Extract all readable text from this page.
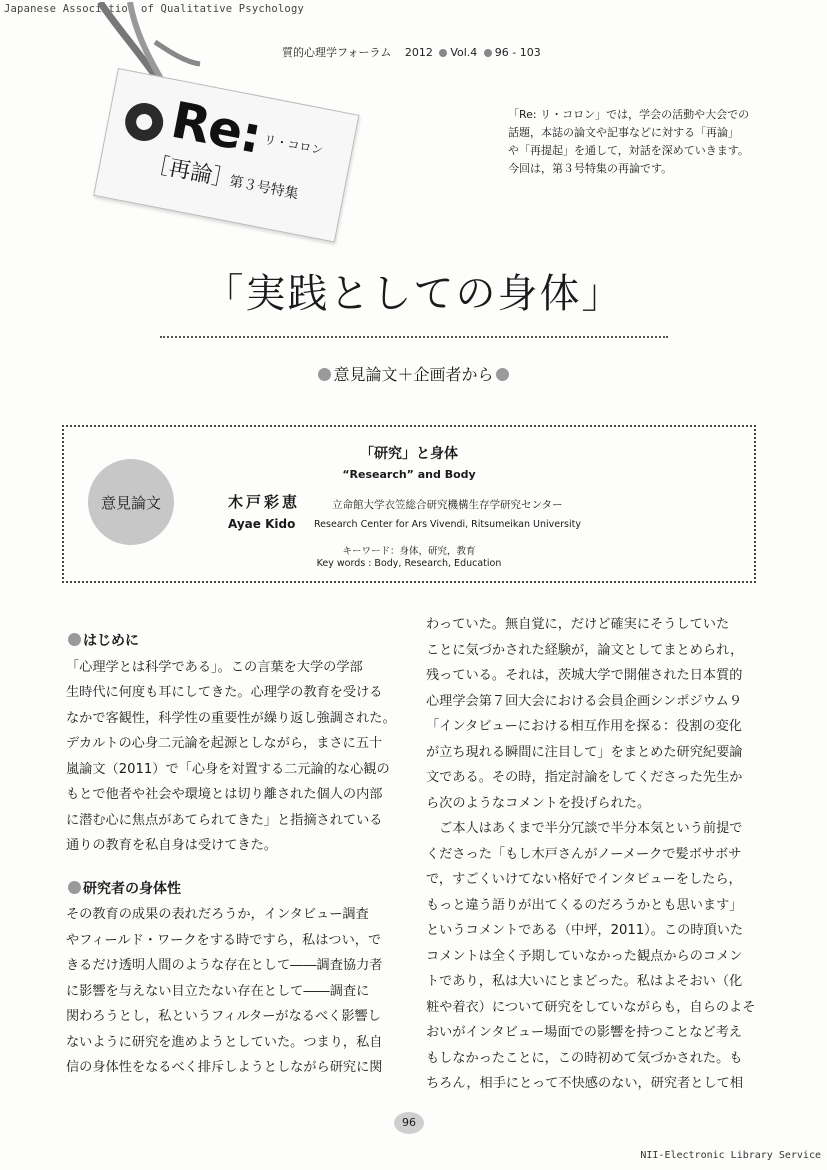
Japanese Association of Qualitative Psychology
質的心理学フォーラム 2012 Vol.4 96 - 103
Re:
リ・コロン
［再論］
第３号特集

「Re: リ・コロン」では，学会の活動や大会での

話題，本誌の論文や記事などに対する「再論」

や「再提起」を通して，対話を深めていきます。

今回は，第３号特集の再論です。

「実践としての身体」
意見論文＋企画者から
意見論文
「研究」と身体
“Research” and Body
木戸彩恵	立命館大学衣笠総合研究機構生存学研究センター
Ayae Kido Research Center for Ars Vivendi, Ritsumeikan University
キーワード：身体，研究，教育
Key words : Body, Research, Education
はじめに

「心理学とは科学である」。この言葉を大学の学部

生時代に何度も耳にしてきた。心理学の教育を受ける

なかで客観性，科学性の重要性が繰り返し強調された。

デカルトの心身二元論を起源としながら，まさに五十

嵐論文（2011）で「心身を対置する二元論的な心観の

もとで他者や社会や環境とは切り離された個人の内部

に潜む心に焦点があてられてきた」と指摘されている

通りの教育を私自身は受けてきた。

研究者の身体性

その教育の成果の表れだろうか，インタビュー調査

やフィールド・ワークをする時ですら，私はつい，で

きるだけ透明人間のような存在として――調査協力者

に影響を与えない目立たない存在として――調査に

関わろうとし，私というフィルターがなるべく影響し

ないように研究を進めようとしていた。つまり，私自

信の身体性をなるべく排斥しようとしながら研究に関

わっていた。無自覚に，だけど確実にそうしていた

ことに気づかされた経験が，論文としてまとめられ，

残っている。それは，茨城大学で開催された日本質的

心理学会第７回大会における会員企画シンポジウム９

「インタビューにおける相互作用を探る：役割の変化

が立ち現れる瞬間に注目して」をまとめた研究紀要論

文である。その時，指定討論をしてくださった先生か

ら次のようなコメントを投げられた。

　ご本人はあくまで半分冗談で半分本気という前提で

くださった「もし木戸さんがノーメークで髪ボサボサ

で，すごくいけてない格好でインタビューをしたら，

もっと違う語りが出てくるのだろうかとも思います」

というコメントである（中坪，2011）。この時頂いた

コメントは全く予期していなかった観点からのコメン

トであり，私は大いにとまどった。私はよそおい（化

粧や着衣）について研究をしていながらも，自らのよそ

おいがインタビュー場面での影響を持つことなど考え

もしなかったことに，この時初めて気づかされた。も

ちろん，相手にとって不快感のない，研究者として相

96
NII-Electronic Library Service
